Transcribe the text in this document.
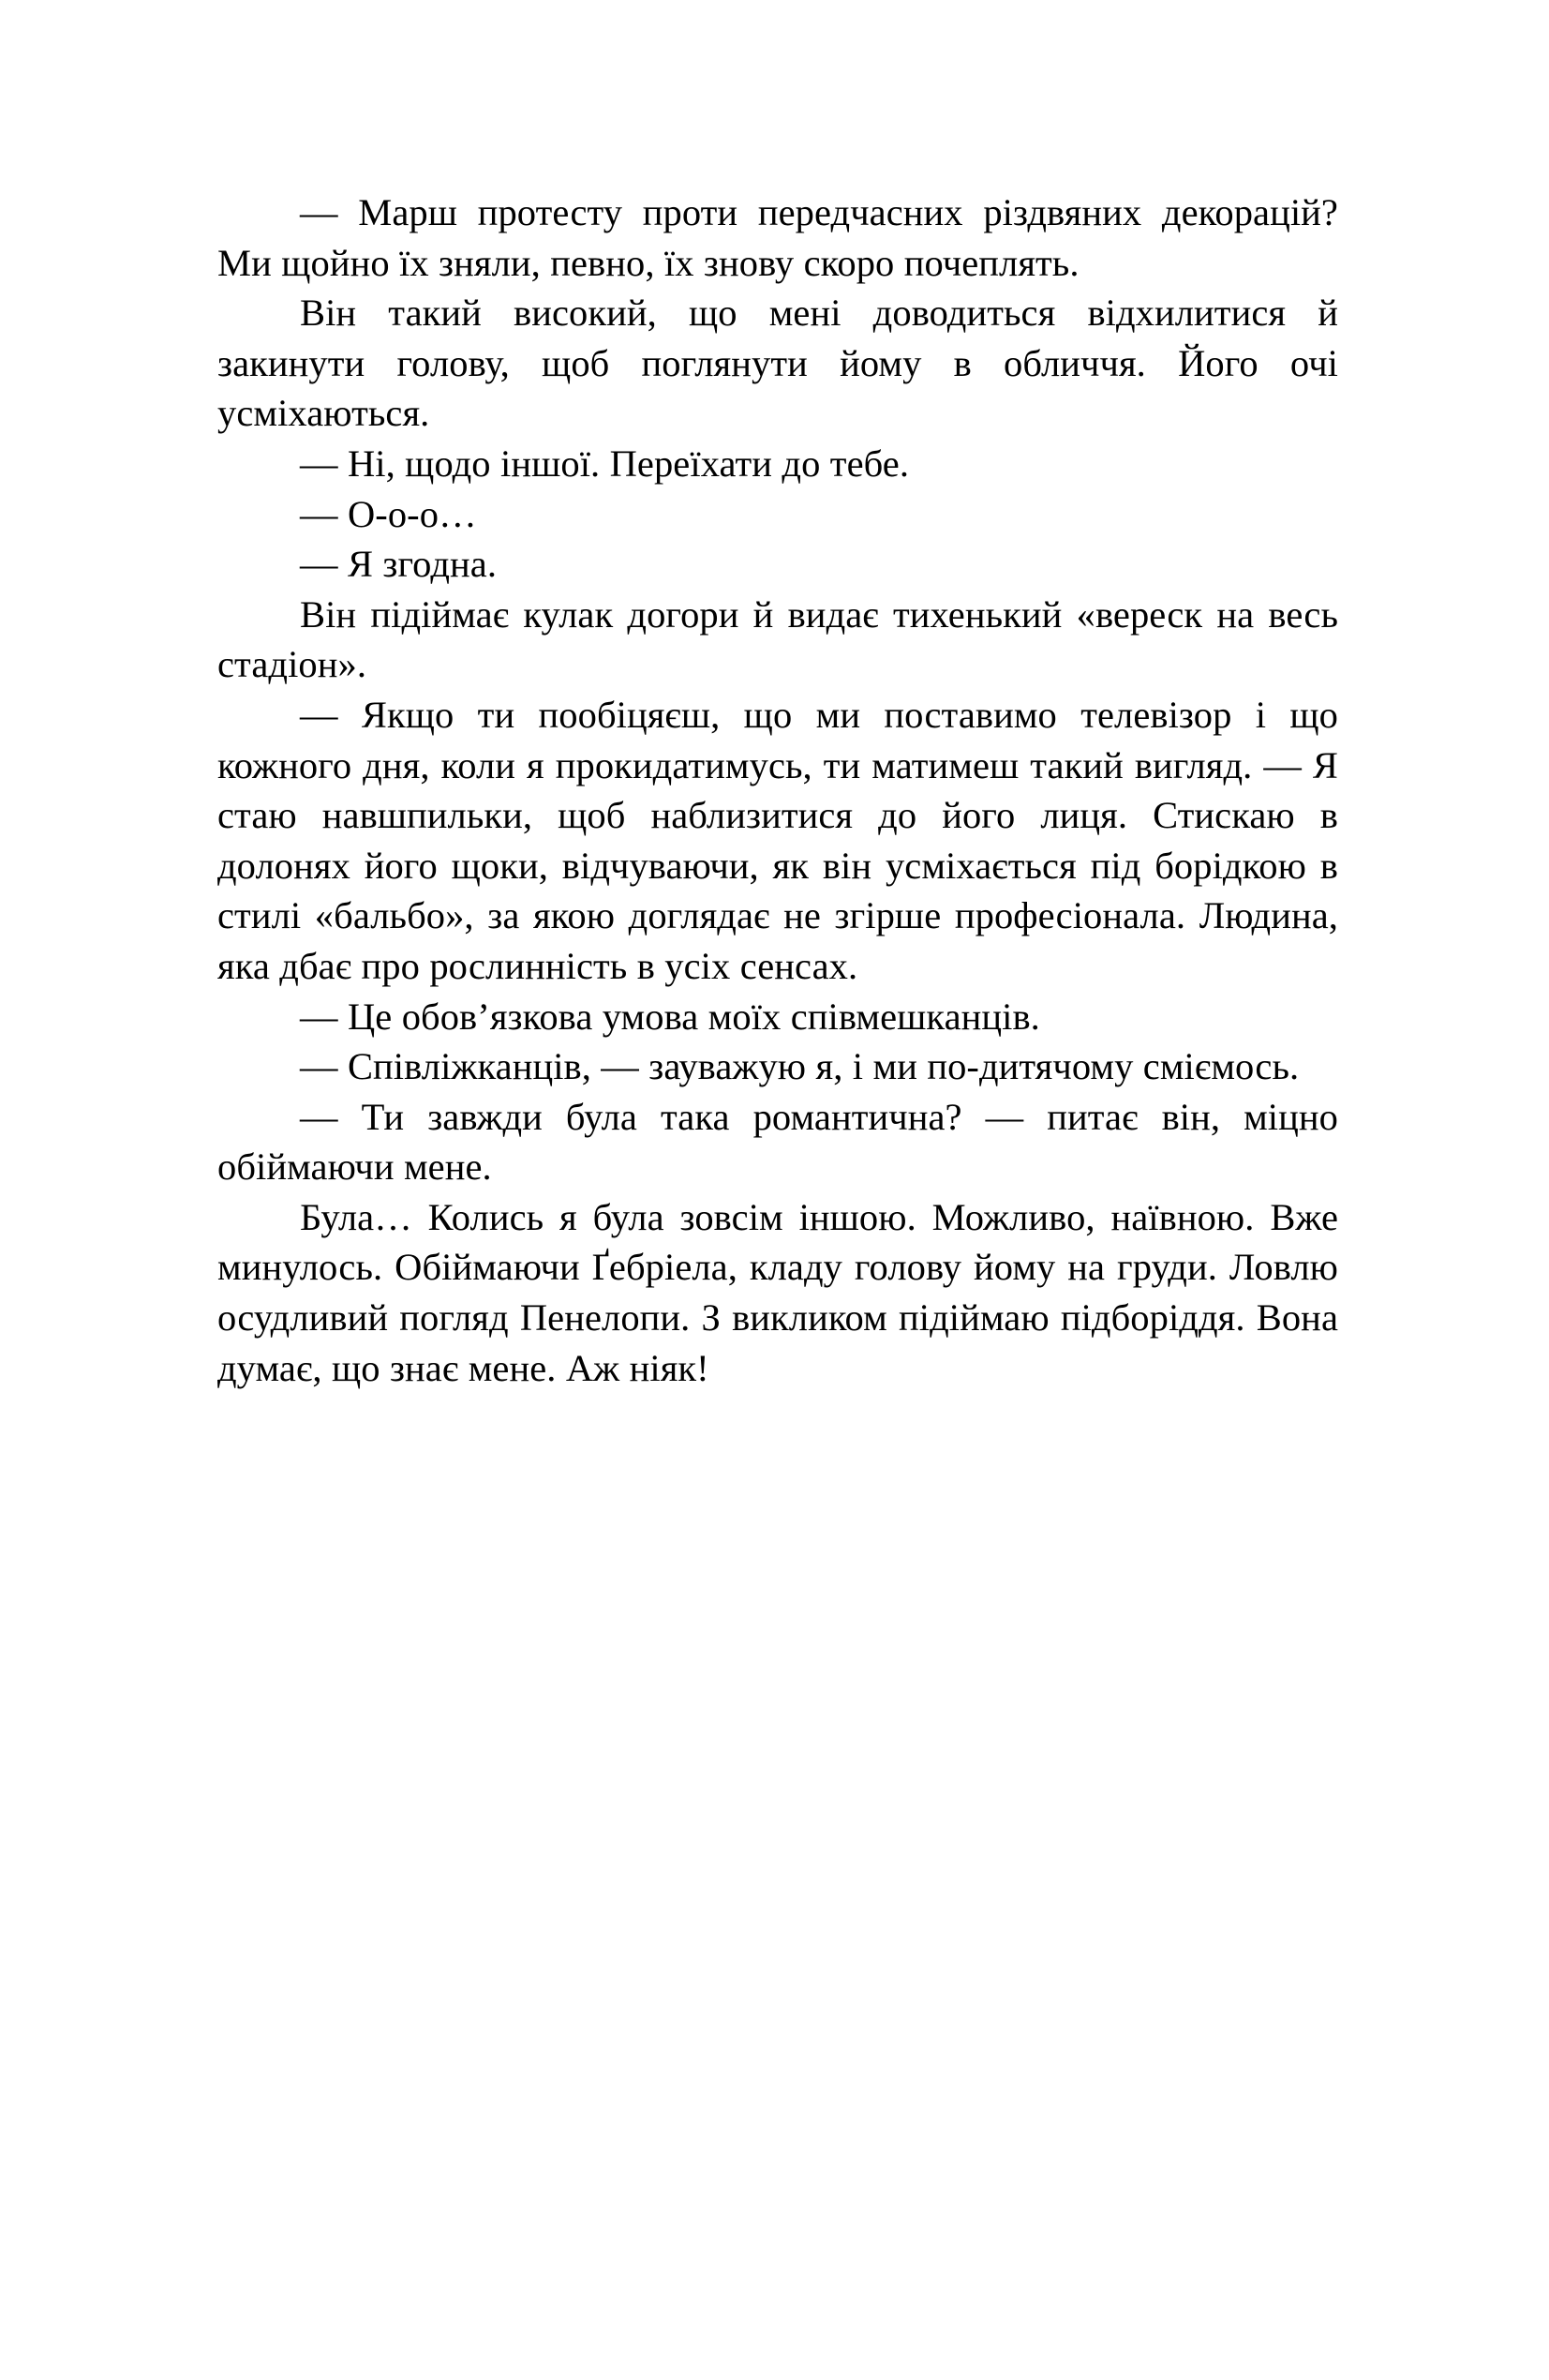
— Марш протесту проти передчасних різдвяних декорацій? Ми щойно їх зняли, певно, їх знову скоро почеплять.

Він такий високий, що мені доводиться відхилитися й закинути голову, щоб поглянути йому в обличчя. Його очі усміхаються.

— Ні, щодо іншої. Переїхати до тебе.

— О-о-о…

— Я згодна.

Він підіймає кулак догори й видає тихенький «вереск на весь стадіон».

— Якщо ти пообіцяєш, що ми поставимо телевізор і що кожного дня, коли я прокидатимусь, ти матимеш такий вигляд. — Я стаю навшпильки, щоб наблизитися до його лиця. Стискаю в долонях його щоки, відчуваючи, як він усміхається під борідкою в стилі «бальбо», за якою доглядає не згірше професіонала. Людина, яка дбає про рослинність в усіх сенсах.

— Це обов’язкова умова моїх співмешканців.

— Співліжканців, — зауважую я, і ми по-дитячому сміємось.

— Ти завжди була така романтична? — питає він, міцно обіймаючи мене.

Була… Колись я була зовсім іншою. Можливо, наївною. Вже минулось. Обіймаючи Ґебріела, кладу голову йому на груди. Ловлю осудливий погляд Пенелопи. З викликом підіймаю підборіддя. Вона думає, що знає мене. Аж ніяк!
